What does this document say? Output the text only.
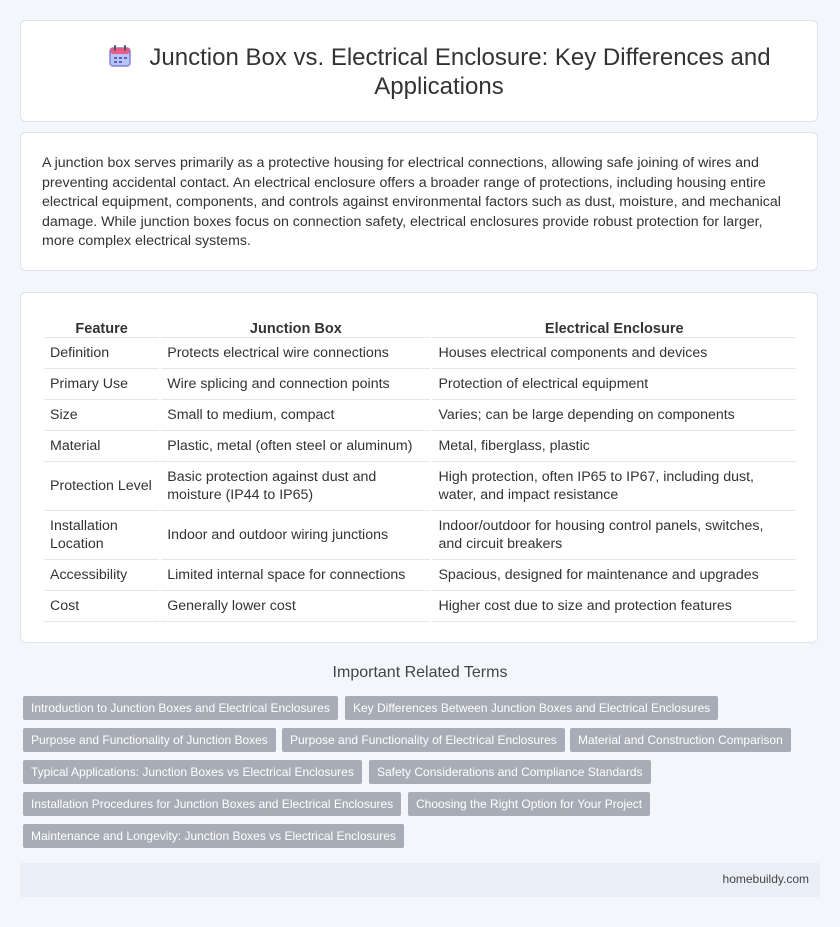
Junction Box vs. Electrical Enclosure: Key Differences and Applications

A junction box serves primarily as a protective housing for electrical connections, allowing safe joining of wires and preventing accidental contact. An electrical enclosure offers a broader range of protections, including housing entire electrical equipment, components, and controls against environmental factors such as dust, moisture, and mechanical damage. While junction boxes focus on connection safety, electrical enclosures provide robust protection for larger, more complex electrical systems.

Feature	Junction Box	Electrical Enclosure
Definition	Protects electrical wire connections	Houses electrical components and devices
Primary Use	Wire splicing and connection points	Protection of electrical equipment
Size	Small to medium, compact	Varies; can be large depending on components
Material	Plastic, metal (often steel or aluminum)	Metal, fiberglass, plastic
Protection Level	Basic protection against dust and moisture (IP44 to IP65)	High protection, often IP65 to IP67, including dust, water, and impact resistance
Installation Location	Indoor and outdoor wiring junctions	Indoor/outdoor for housing control panels, switches, and circuit breakers
Accessibility	Limited internal space for connections	Spacious, designed for maintenance and upgrades
Cost	Generally lower cost	Higher cost due to size and protection features
Important Related Terms
Introduction to Junction Boxes and Electrical Enclosures	Key Differences Between Junction Boxes and Electrical Enclosures
Purpose and Functionality of Junction Boxes	Purpose and Functionality of Electrical Enclosures	Material and Construction Comparison
Typical Applications: Junction Boxes vs Electrical Enclosures	Safety Considerations and Compliance Standards
Installation Procedures for Junction Boxes and Electrical Enclosures	Choosing the Right Option for Your Project
Maintenance and Longevity: Junction Boxes vs Electrical Enclosures
homebuildy.com
